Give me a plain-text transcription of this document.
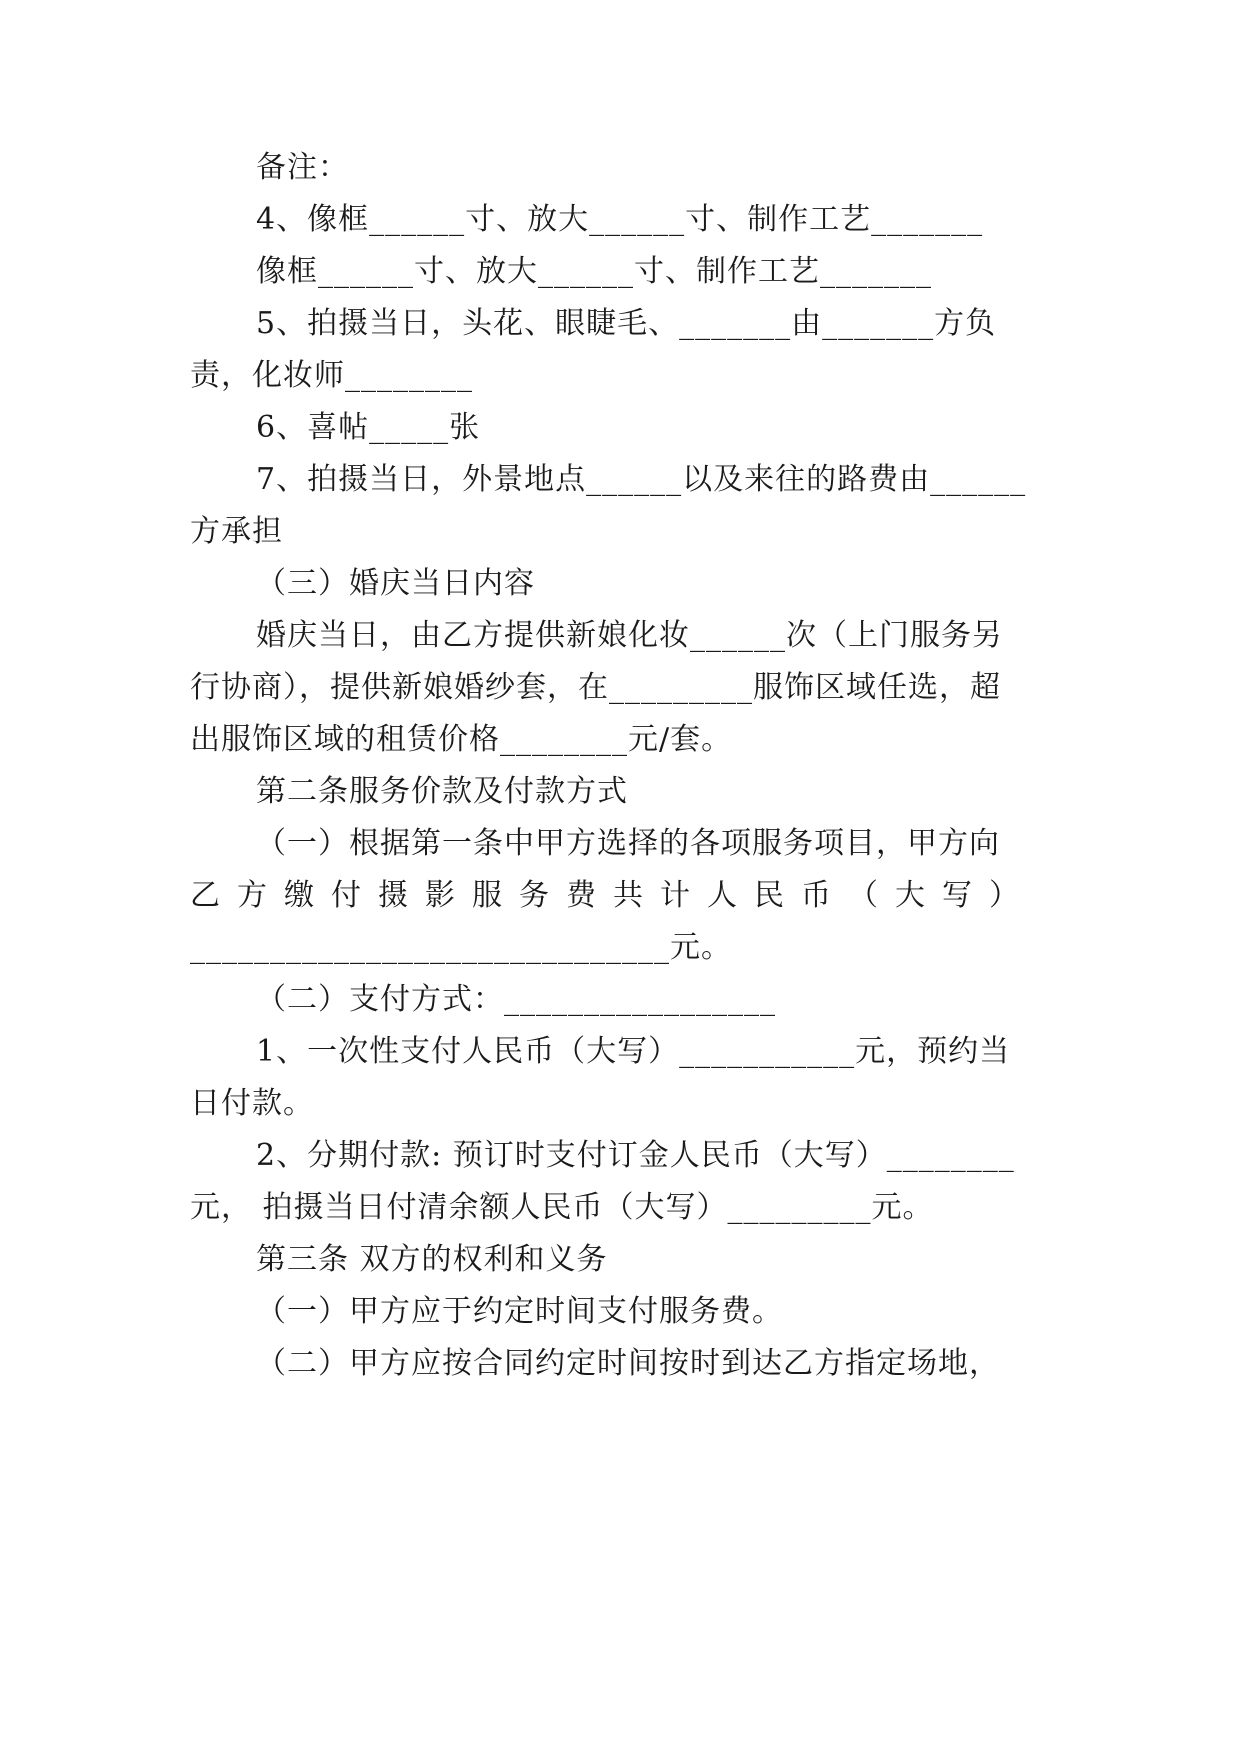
备注：
4、像框______寸、放大______寸、制作工艺_______
像框______寸、放大______寸、制作工艺_______
5、拍摄当日，头花、眼睫毛、_______由_______方负
责，化妆师________
6、喜帖_____张
7、拍摄当日，外景地点______以及来往的路费由______
方承担
（三）婚庆当日内容
婚庆当日，由乙方提供新娘化妆______次（上门服务另
行协商），提供新娘婚纱套，在_________服饰区域任选，超
出服饰区域的租赁价格________元/套。
第二条服务价款及付款方式
（一）根据第一条中甲方选择的各项服务项目，甲方向
乙方缴付摄影服务费共计人民币（大写）
______________________________元。
（二）支付方式：_________________
1、一次性支付人民币（大写）___________元，预约当
日付款。
2、分期付款: 预订时支付订金人民币（大写）________
元， 拍摄当日付清余额人民币（大写）_________元。
第三条 双方的权利和义务
（一）甲方应于约定时间支付服务费。
（二）甲方应按合同约定时间按时到达乙方指定场地，
